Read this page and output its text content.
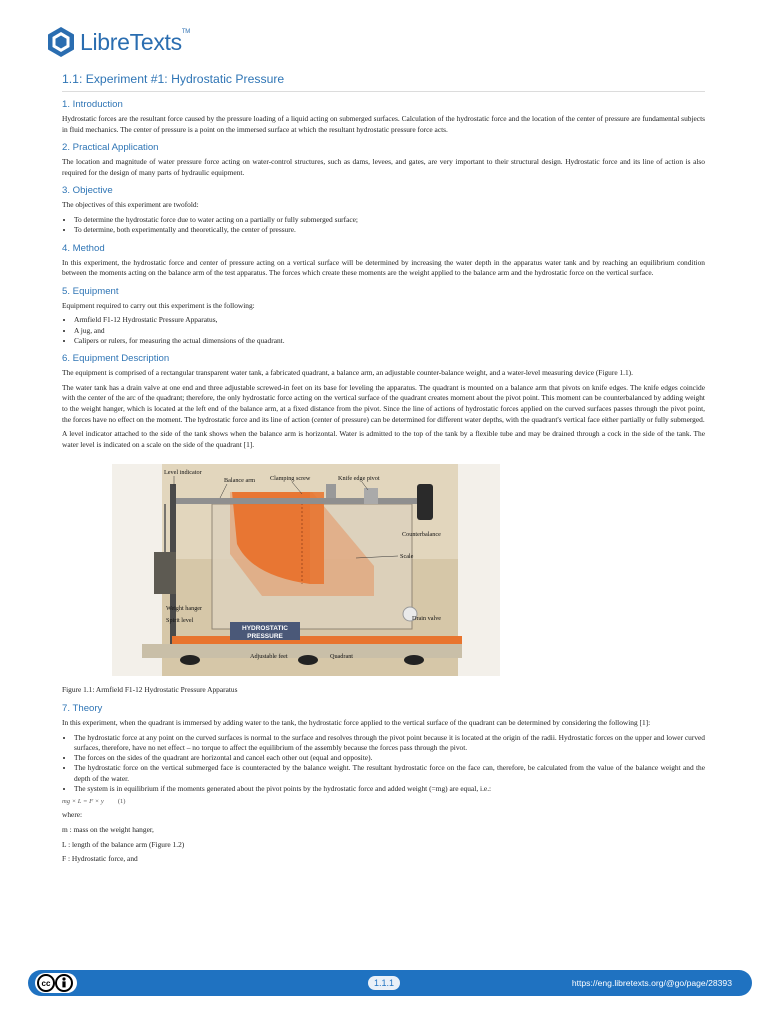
LibreTexts™
1.1: Experiment #1: Hydrostatic Pressure
1. Introduction

Hydrostatic forces are the resultant force caused by the pressure loading of a liquid acting on submerged surfaces. Calculation of the hydrostatic force and the location of the center of pressure are fundamental subjects in fluid mechanics. The center of pressure is a point on the immersed surface at which the resultant hydrostatic pressure force acts.

2. Practical Application

The location and magnitude of water pressure force acting on water-control structures, such as dams, levees, and gates, are very important to their structural design. Hydrostatic force and its line of action is also required for the design of many parts of hydraulic equipment.

3. Objective

The objectives of this experiment are twofold:

• To determine the hydrostatic force due to water acting on a partially or fully submerged surface;
• To determine, both experimentally and theoretically, the center of pressure.
4. Method

In this experiment, the hydrostatic force and center of pressure acting on a vertical surface will be determined by increasing the water depth in the apparatus water tank and by reaching an equilibrium condition between the moments acting on the balance arm of the test apparatus. The forces which create these moments are the weight applied to the balance arm and the hydrostatic force on the vertical surface.

5. Equipment

Equipment required to carry out this experiment is the following:

• Armfield F1-12 Hydrostatic Pressure Apparatus,
• A jug, and
• Calipers or rulers, for measuring the actual dimensions of the quadrant.
6. Equipment Description

The equipment is comprised of a rectangular transparent water tank, a fabricated quadrant, a balance arm, an adjustable counter-balance weight, and a water-level measuring device (Figure 1.1).

The water tank has a drain valve at one end and three adjustable screwed-in feet on its base for leveling the apparatus. The quadrant is mounted on a balance arm that pivots on knife edges. The knife edges coincide with the center of the arc of the quadrant; therefore, the only hydrostatic force acting on the vertical surface of the quadrant creates moment about the pivot point. This moment can be counterbalanced by adding weight to the weight hanger, which is located at the left end of the balance arm, at a fixed distance from the pivot. Since the line of actions of hydrostatic forces applied on the curved surfaces passes through the pivot point, the forces have no effect on the moment. The hydrostatic force and its line of action (center of pressure) can be determined for different water depths, with the quadrant's vertical face either partially or fully submerged.

A level indicator attached to the side of the tank shows when the balance arm is horizontal. Water is admitted to the top of the tank by a flexible tube and may be drained through a cock in the side of the tank. The water level is indicated on a scale on the side of the quadrant [1].

HYDROSTATIC
PRESSURE
Level indicator
Balance arm Clamping screw	Knife edge pivot
Counterbalance
Scale
Weight hanger
Spirit level	Drain valve
Adjustable feet	Quadrant

Figure 1.1: Armfield F1-12 Hydrostatic Pressure Apparatus

7. Theory

In this experiment, when the quadrant is immersed by adding water to the tank, the hydrostatic force applied to the vertical surface of the quadrant can be determined by considering the following [1]:

• The hydrostatic force at any point on the curved surfaces is normal to the surface and resolves through the pivot point because it is located at the origin of the radii. Hydrostatic forces on the upper and lower curved surfaces, therefore, have no net effect – no torque to affect the equilibrium of the assembly because the forces pass through the pivot.
• The forces on the sides of the quadrant are horizontal and cancel each other out (equal and opposite).
• The hydrostatic force on the vertical submerged face is counteracted by the balance weight. The resultant hydrostatic force on the face can, therefore, be calculated from the value of the balance weight and the depth of the water.
• The system is in equilibrium if the moments generated about the pivot points by the hydrostatic force and added weight (=mg) are equal, i.e.:
mg × L = F × y (1)

where:

m : mass on the weight hanger,

L : length of the balance arm (Figure 1.2)

F : Hydrostatic force, and

cc	1.1.1	https://eng.libretexts.org/@go/page/28393
